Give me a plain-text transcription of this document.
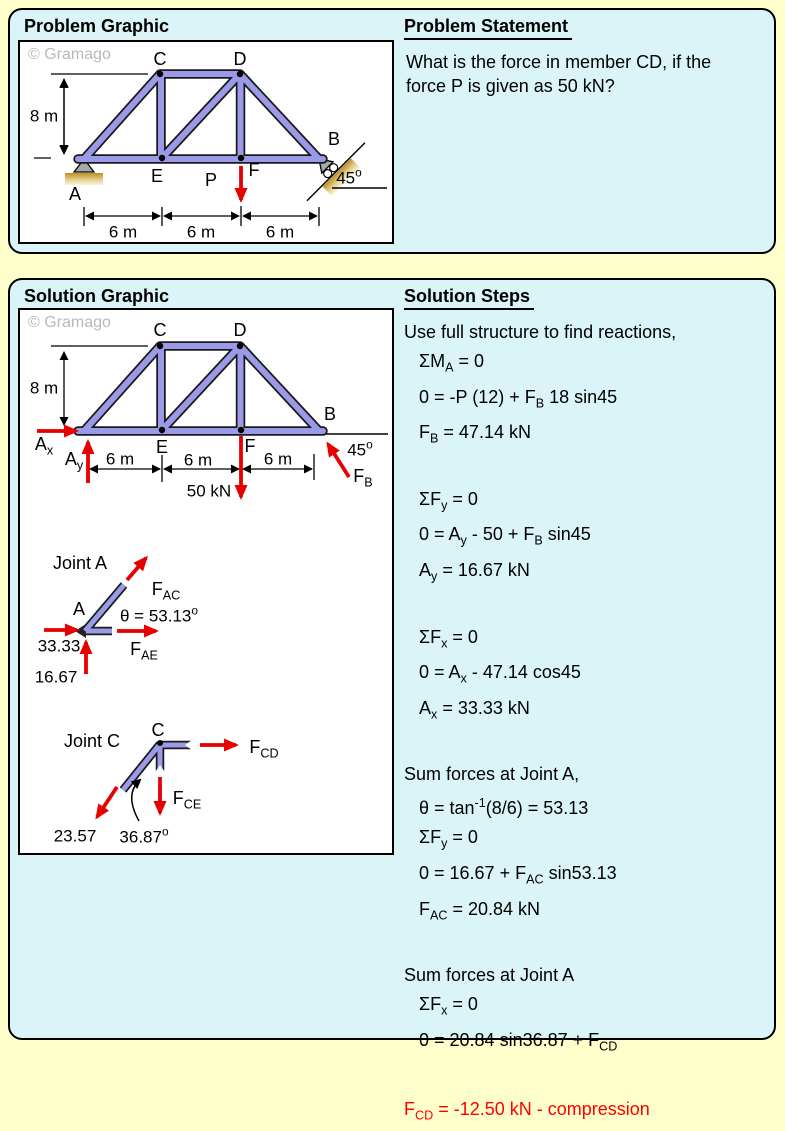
Problem Graphic
© Gramago C	D
A
E	F
B
8 m
6 m	6 m	6 m
P	45$^o$
Problem Statement
What is the force in member CD, if the
force P is given as 50 kN?
Solution Graphic
© Gramago C	D
E	F
B
8 m
6 m	6 m	6 m
$A_x$ $A_y$
50 kN
45$^o$
$F_B$
Joint A
A
$F_{AC}$
$\theta = 53.13^o$
$F_{AE}$
33.33
16.67
Joint C
C
$F_{CD}$
$F_{CE}$
23.57 36.87$^o$
Solution Steps
Use full structure to find reactions,
$\Sigma M_A = 0$
0 = -P $(12) + F_B$ 18 sin45
$F_B = 47.14$ kN
$\Sigma F_y = 0$
$0 = A_y - 50 + F_B$ sin45
$A_y = 16.67$ kN
$\Sigma F_x = 0$
$0 = A_x - 47.14$ cos45
$A_x = 33.33$ kN
Sum forces at Joint A,
$\theta = \tan^{-1}(8/6) = 53.13$
$\Sigma F_y = 0$
$0 = 16.67 + F_{AC}$ sin53.13
$F_{AC} = 20.84$ kN
Sum forces at Joint A
$\Sigma F_x = 0$
0 = 20.84 $\sin 36.87 + F_{CD}$
$F_{CD} = -12.50$ kN - compression
